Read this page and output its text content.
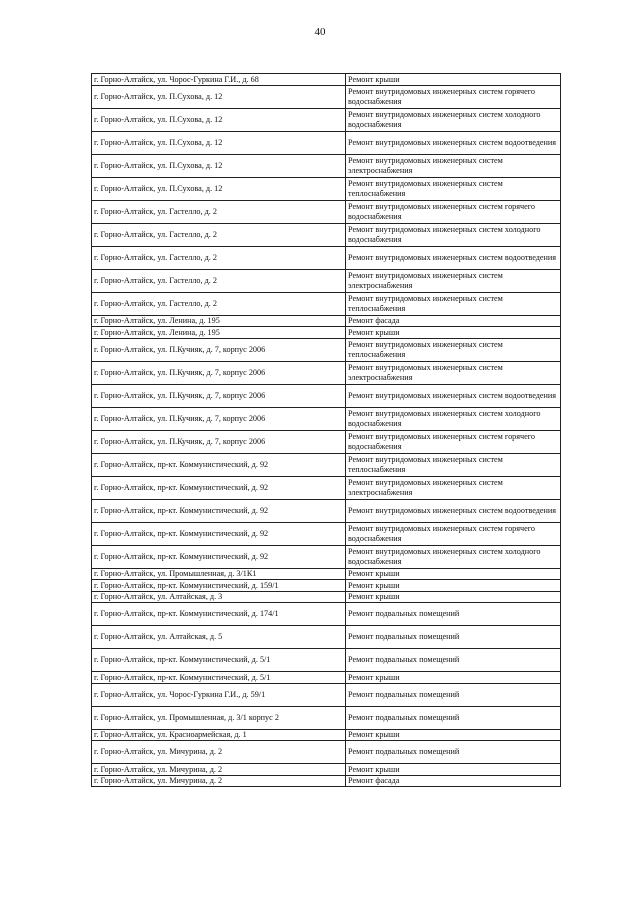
40
г. Горно-Алтайск, ул. Чорос-Гуркина Г.И., д. 68	Ремонт крыши
г. Горно-Алтайск, ул. П.Сухова, д. 12	Ремонт внутридомовых инженерных систем горячего водоснабжения
г. Горно-Алтайск, ул. П.Сухова, д. 12	Ремонт внутридомовых инженерных систем холодного водоснабжения
г. Горно-Алтайск, ул. П.Сухова, д. 12	Ремонт внутридомовых инженерных систем водоотведения
г. Горно-Алтайск, ул. П.Сухова, д. 12	Ремонт внутридомовых инженерных систем электроснабжения
г. Горно-Алтайск, ул. П.Сухова, д. 12	Ремонт внутридомовых инженерных систем теплоснабжения
г. Горно-Алтайск, ул. Гастелло, д. 2	Ремонт внутридомовых инженерных систем горячего водоснабжения
г. Горно-Алтайск, ул. Гастелло, д. 2	Ремонт внутридомовых инженерных систем холодного водоснабжения
г. Горно-Алтайск, ул. Гастелло, д. 2	Ремонт внутридомовых инженерных систем водоотведения
г. Горно-Алтайск, ул. Гастелло, д. 2	Ремонт внутридомовых инженерных систем электроснабжения
г. Горно-Алтайск, ул. Гастелло, д. 2	Ремонт внутридомовых инженерных систем теплоснабжения
г. Горно-Алтайск, ул. Ленина, д. 195	Ремонт фасада
г. Горно-Алтайск, ул. Ленина, д. 195	Ремонт крыши
г. Горно-Алтайск, ул. П.Кучияк, д. 7, корпус 2006	Ремонт внутридомовых инженерных систем теплоснабжения
г. Горно-Алтайск, ул. П.Кучияк, д. 7, корпус 2006	Ремонт внутридомовых инженерных систем электроснабжения
г. Горно-Алтайск, ул. П.Кучияк, д. 7, корпус 2006	Ремонт внутридомовых инженерных систем водоотведения
г. Горно-Алтайск, ул. П.Кучияк, д. 7, корпус 2006	Ремонт внутридомовых инженерных систем холодного водоснабжения
г. Горно-Алтайск, ул. П.Кучияк, д. 7, корпус 2006	Ремонт внутридомовых инженерных систем горячего водоснабжения
г. Горно-Алтайск, пр-кт. Коммунистический, д. 92	Ремонт внутридомовых инженерных систем теплоснабжения
г. Горно-Алтайск, пр-кт. Коммунистический, д. 92	Ремонт внутридомовых инженерных систем электроснабжения
г. Горно-Алтайск, пр-кт. Коммунистический, д. 92	Ремонт внутридомовых инженерных систем водоотведения
г. Горно-Алтайск, пр-кт. Коммунистический, д. 92	Ремонт внутридомовых инженерных систем горячего водоснабжения
г. Горно-Алтайск, пр-кт. Коммунистический, д. 92	Ремонт внутридомовых инженерных систем холодного водоснабжения
г. Горно-Алтайск, ул. Промышленная, д. 3/1К1	Ремонт крыши
г. Горно-Алтайск, пр-кт. Коммунистический, д. 159/1	Ремонт крыши
г. Горно-Алтайск, ул. Алтайская, д. 3	Ремонт крыши
г. Горно-Алтайск, пр-кт. Коммунистический, д. 174/1	Ремонт подвальных помещений
г. Горно-Алтайск, ул. Алтайская, д. 5	Ремонт подвальных помещений
г. Горно-Алтайск, пр-кт. Коммунистический, д. 5/1	Ремонт подвальных помещений
г. Горно-Алтайск, пр-кт. Коммунистический, д. 5/1	Ремонт крыши
г. Горно-Алтайск, ул. Чорос-Гуркина Г.И., д. 59/1	Ремонт подвальных помещений
г. Горно-Алтайск, ул. Промышленная, д. 3/1 корпус 2	Ремонт подвальных помещений
г. Горно-Алтайск, ул. Красноармейская, д. 1	Ремонт крыши
г. Горно-Алтайск, ул. Мичурина, д. 2	Ремонт подвальных помещений
г. Горно-Алтайск, ул. Мичурина, д. 2	Ремонт крыши
г. Горно-Алтайск, ул. Мичурина, д. 2	Ремонт фасада
